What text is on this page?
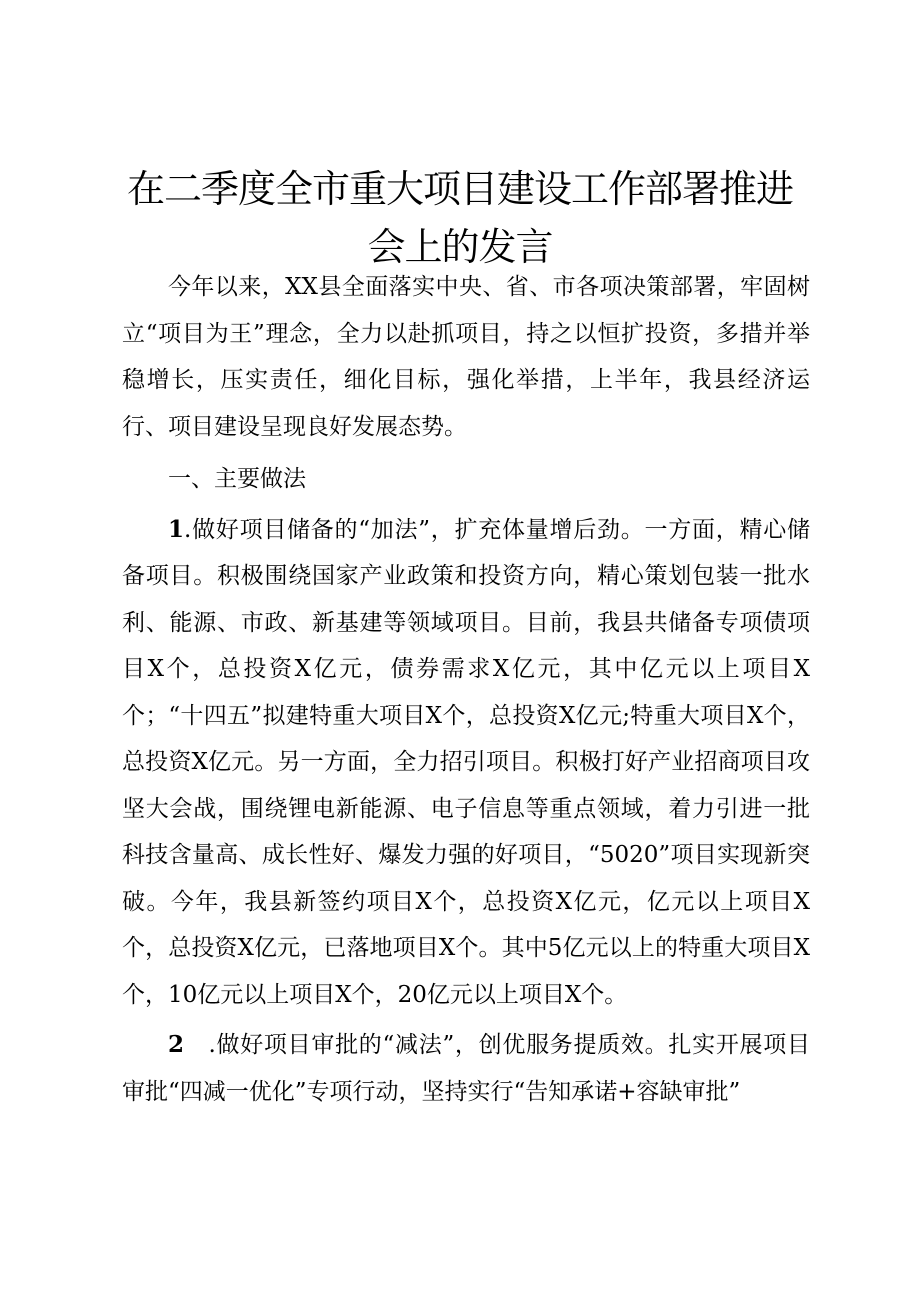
在二季度全市重大项目建设工作部署推进会上的发言

今年以来，XX县全面落实中央、省、市各项决策部署，牢固树立“项目为王”理念，全力以赴抓项目，持之以恒扩投资，多措并举稳增长，压实责任，细化目标，强化举措，上半年，我县经济运行、项目建设呈现良好发展态势。

一、主要做法

1.做好项目储备的“加法”，扩充体量增后劲。一方面，精心储备项目。积极围绕国家产业政策和投资方向，精心策划包装一批水利、能源、市政、新基建等领域项目。目前，我县共储备专项债项目X个，总投资X亿元，债券需求X亿元，其中亿元以上项目X个；“十四五”拟建特重大项目X个，总投资X亿元;特重大项目X个，总投资X亿元。另一方面，全力招引项目。积极打好产业招商项目攻坚大会战，围绕锂电新能源、电子信息等重点领域，着力引进一批科技含量高、成长性好、爆发力强的好项目，“5020”项目实现新突破。今年，我县新签约项目X个，总投资X亿元，亿元以上项目X个，总投资X亿元，已落地项目X个。其中5亿元以上的特重大项目X个，10亿元以上项目X个，20亿元以上项目X个。

2　.做好项目审批的“减法”，创优服务提质效。扎实开展项目审批“四减一优化”专项行动，坚持实行“告知承诺+容缺审批”
